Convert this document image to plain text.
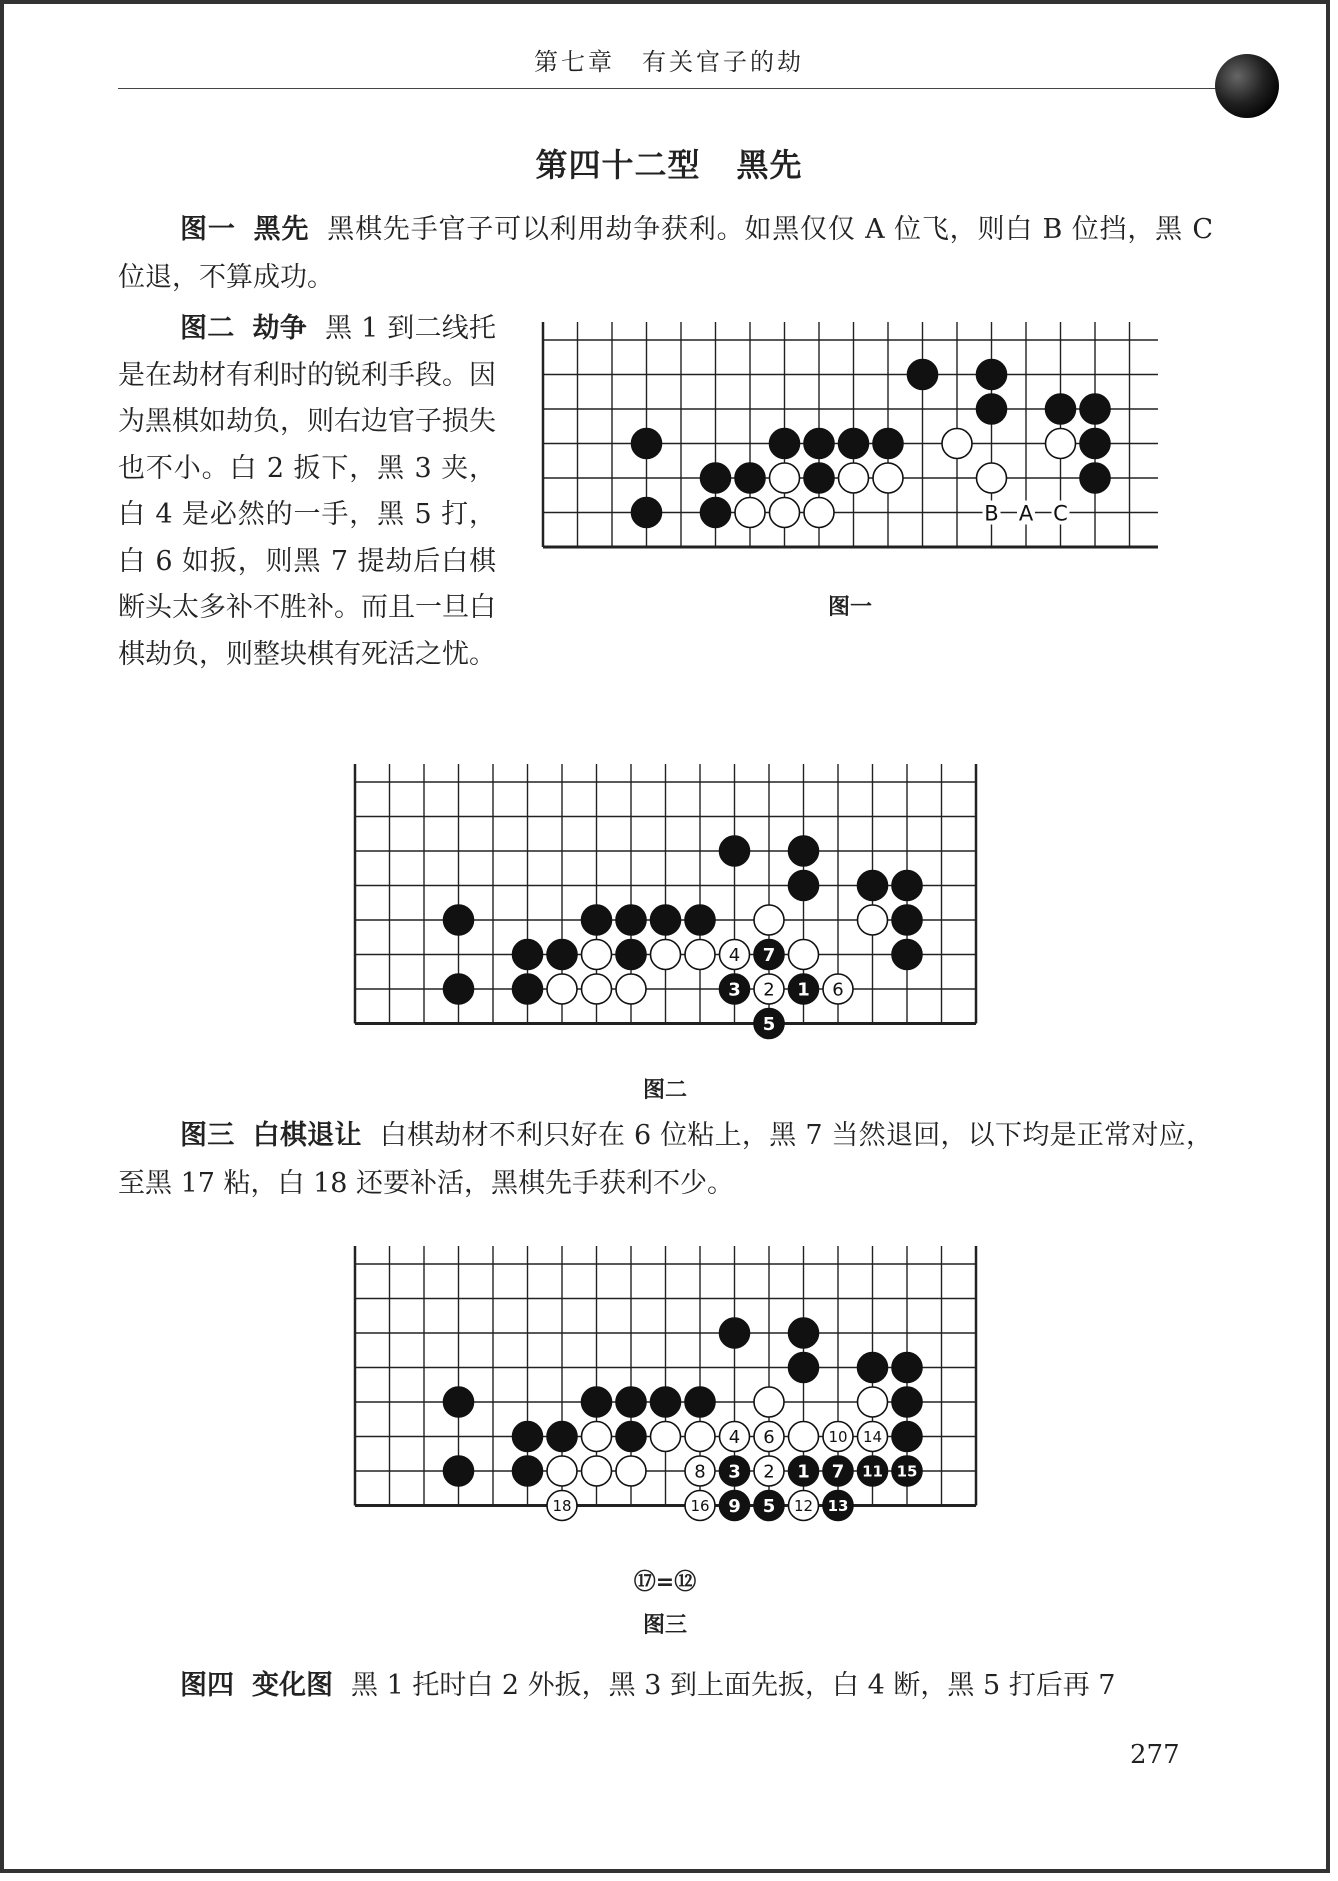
第七章　有关官子的劫
第四十二型 黑先

图一 黑先 黑棋先手官子可以利用劫争获利。如黑仅仅 A 位飞，则白 B 位挡，黑 C 位退，不算成功。

图二 劫争 黑 1 到二线托是在劫材有利时的锐利手段。因为黑棋如劫负，则右边官子损失也不小。白 2 扳下，黑 3 夹，白 4 是必然的一手，黑 5 打，白 6 如扳，则黑 7 提劫后白棋断头太多补不胜补。而且一旦白棋劫负，则整块棋有死活之忧。

B A C
图一
7
3	1
5
4
2	6
图二

图三 白棋退让 白棋劫材不利只好在 6 位粘上，黑 7 当然退回，以下均是正常对应，至黑 17 粘，白 18 还要补活，黑棋先手获利不少。

3	1 7 11 15
9 5	13
4 6	10 14
8	2
18	16	12
⑰=⑫
图三

图四 变化图 黑 1 托时白 2 外扳，黑 3 到上面先扳，白 4 断，黑 5 打后再 7

277
